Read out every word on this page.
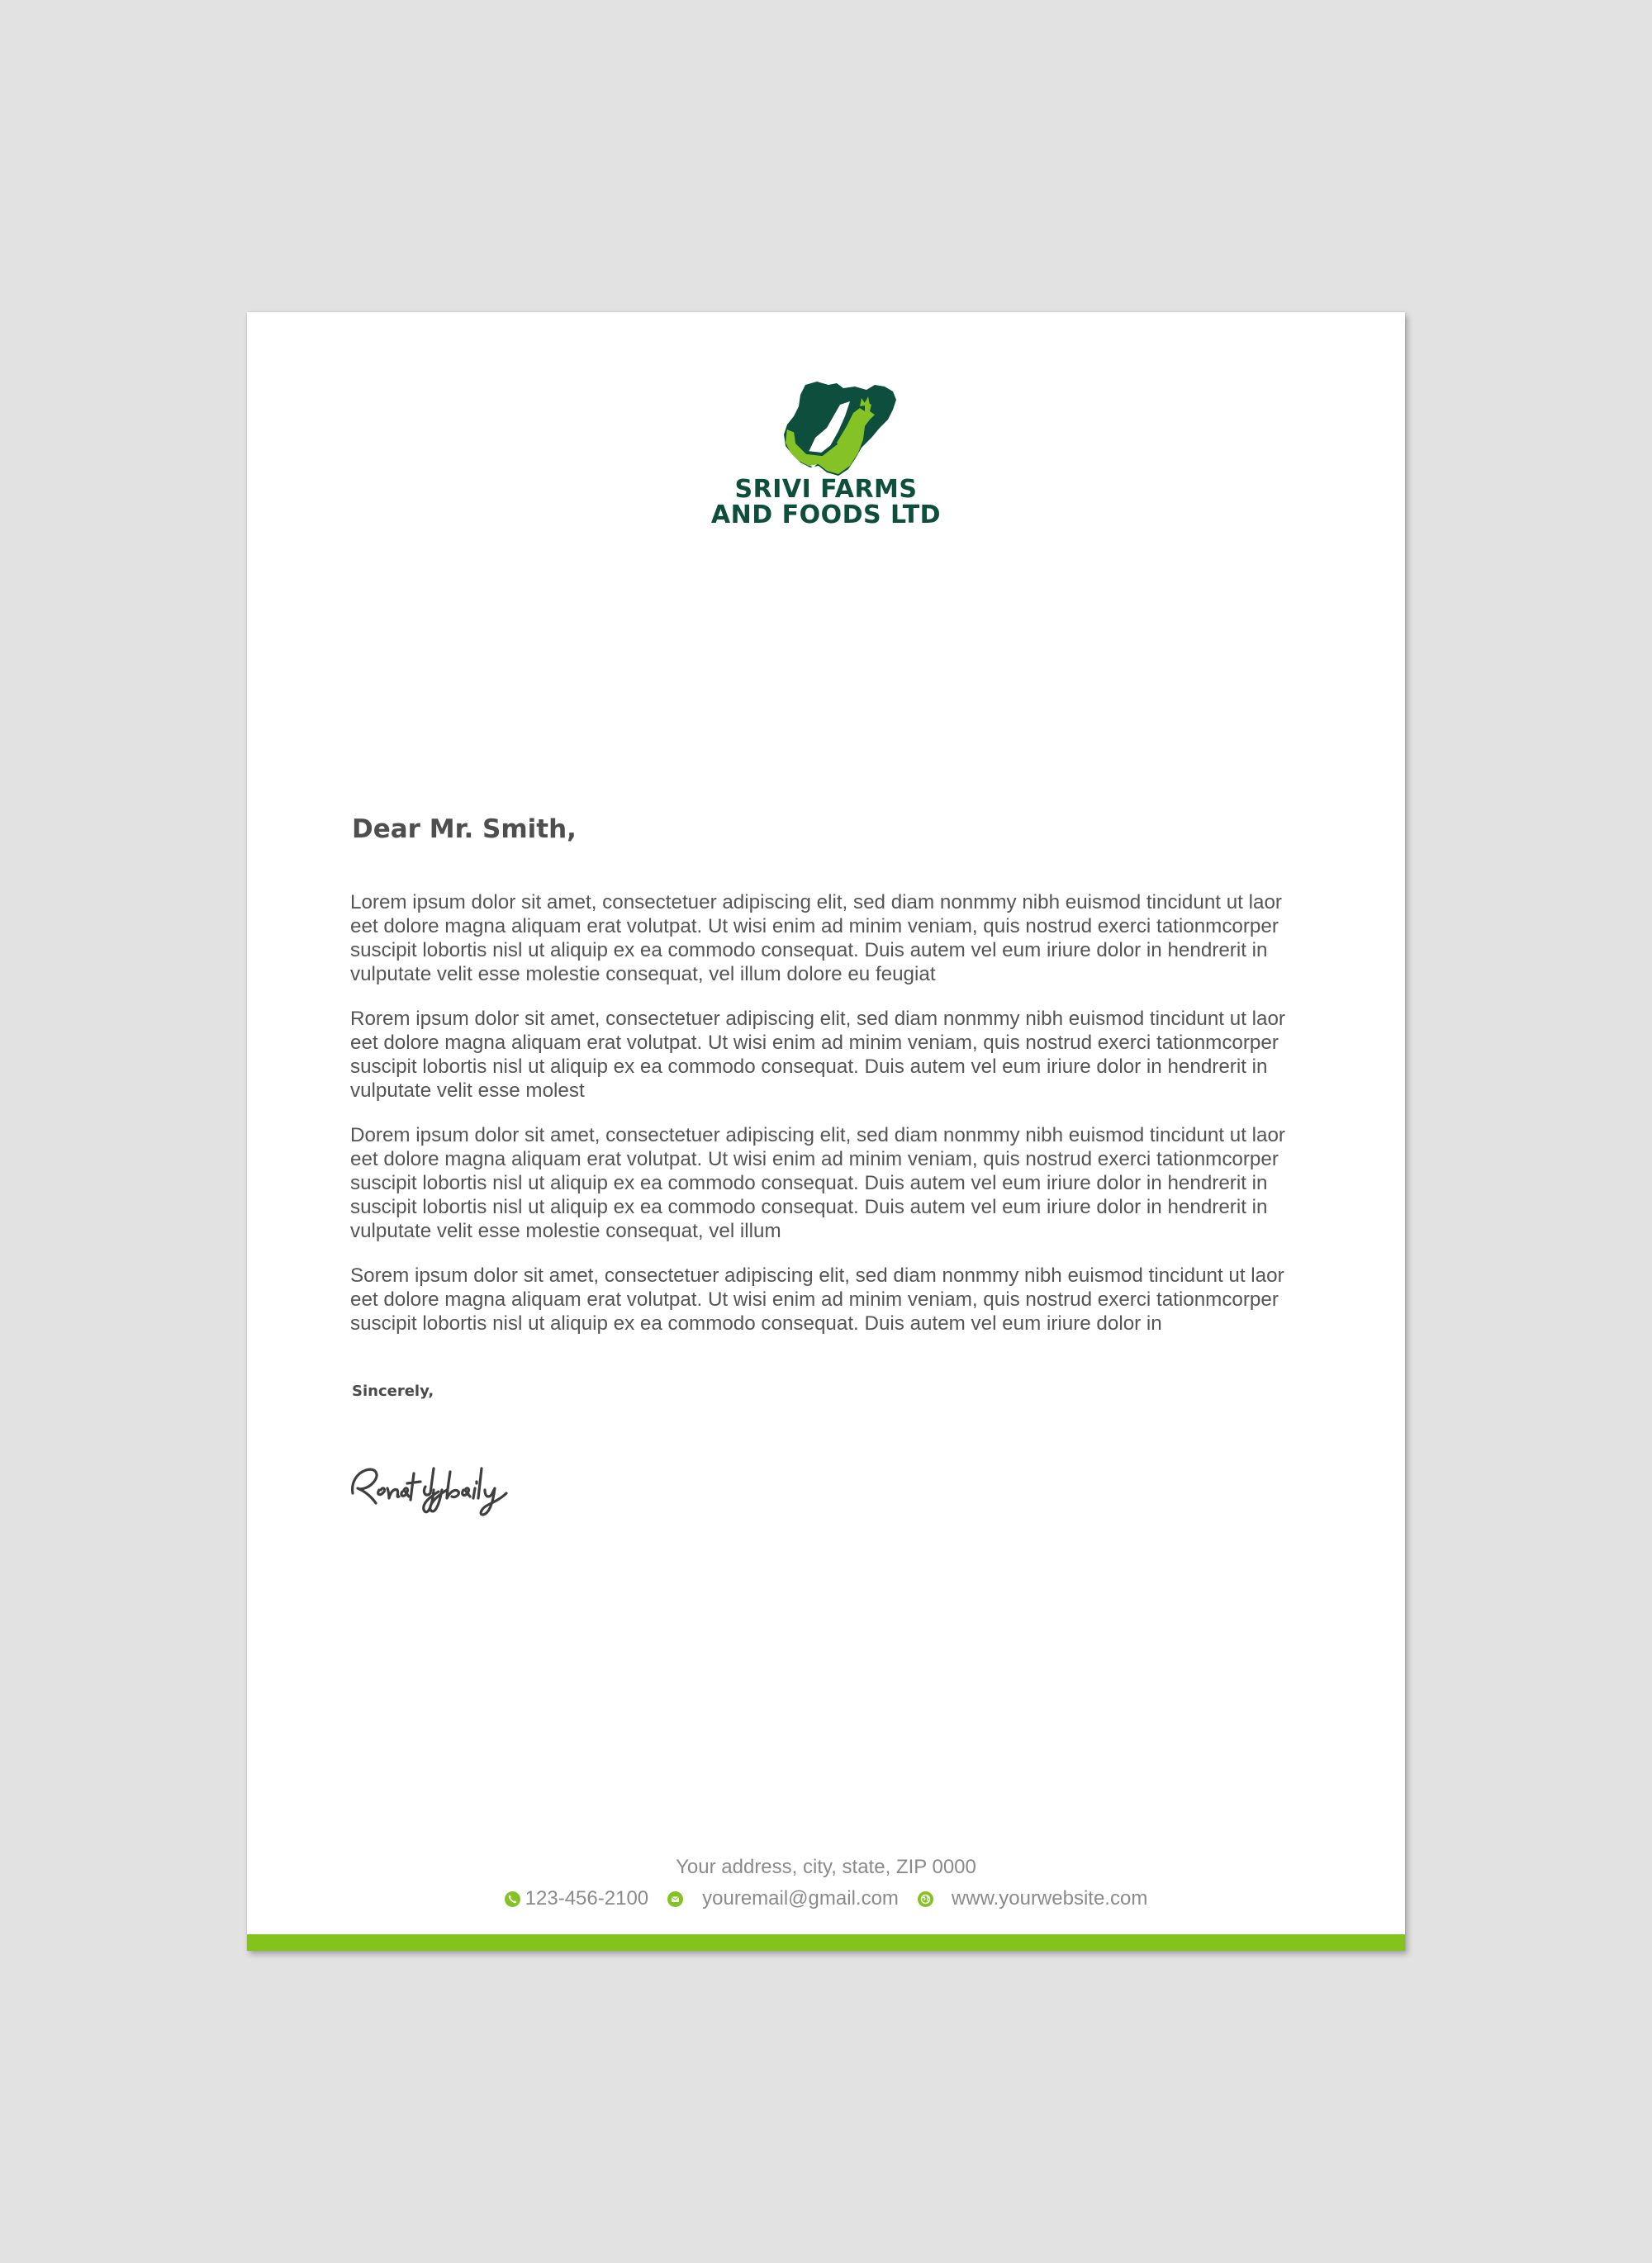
SRIVI FARMS
AND FOODS LTD
Dear Mr. Smith,

Lorem ipsum dolor sit amet, consectetuer adipiscing elit, sed diam nonmmy nibh euismod tincidunt ut laor
eet dolore magna aliquam erat volutpat. Ut wisi enim ad minim veniam, quis nostrud exerci tationmcorper
suscipit lobortis nisl ut aliquip ex ea commodo consequat. Duis autem vel eum iriure dolor in hendrerit in
vulputate velit esse molestie consequat, vel illum dolore eu feugiat

Rorem ipsum dolor sit amet, consectetuer adipiscing elit, sed diam nonmmy nibh euismod tincidunt ut laor
eet dolore magna aliquam erat volutpat. Ut wisi enim ad minim veniam, quis nostrud exerci tationmcorper
suscipit lobortis nisl ut aliquip ex ea commodo consequat. Duis autem vel eum iriure dolor in hendrerit in
vulputate velit esse molest

Dorem ipsum dolor sit amet, consectetuer adipiscing elit, sed diam nonmmy nibh euismod tincidunt ut laor
eet dolore magna aliquam erat volutpat. Ut wisi enim ad minim veniam, quis nostrud exerci tationmcorper
suscipit lobortis nisl ut aliquip ex ea commodo consequat. Duis autem vel eum iriure dolor in hendrerit in
suscipit lobortis nisl ut aliquip ex ea commodo consequat. Duis autem vel eum iriure dolor in hendrerit in
vulputate velit esse molestie consequat, vel illum

Sorem ipsum dolor sit amet, consectetuer adipiscing elit, sed diam nonmmy nibh euismod tincidunt ut laor
eet dolore magna aliquam erat volutpat. Ut wisi enim ad minim veniam, quis nostrud exerci tationmcorper
suscipit lobortis nisl ut aliquip ex ea commodo consequat. Duis autem vel eum iriure dolor in

Sincerely,
Your address, city, state, ZIP 0000
123-456-2100	youremail@gmail.com	www.yourwebsite.com
